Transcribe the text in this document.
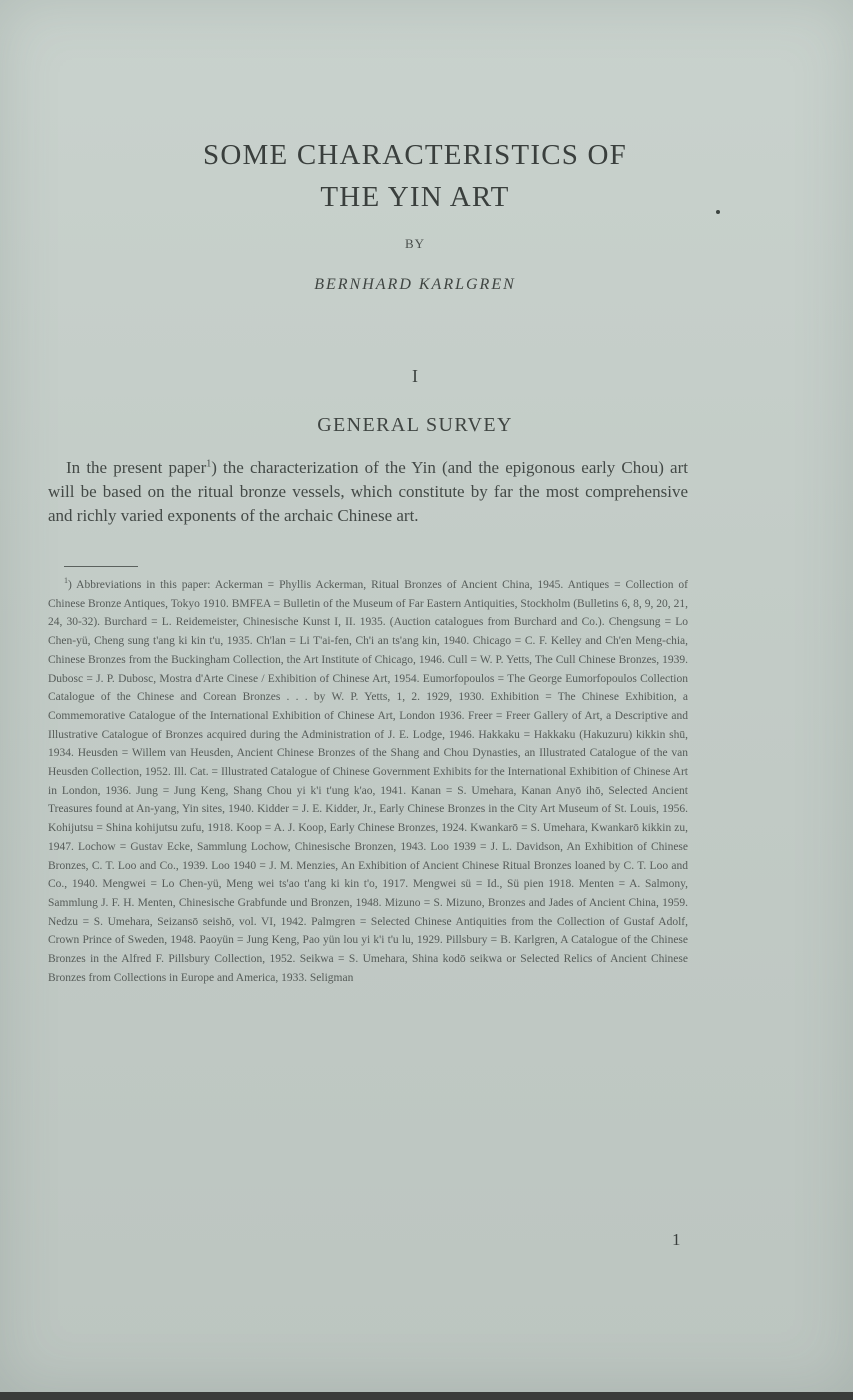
SOME CHARACTERISTICS OF
THE YIN ART
BY
BERNHARD KARLGREN
I
GENERAL SURVEY

In the present paper$^1$) the characterization of the Yin (and the epigonous early Chou) art will be based on the ritual bronze vessels, which constitute by far the most comprehensive and richly varied exponents of the archaic Chinese art.

$^1$) Abbreviations in this paper: Ackerman = Phyllis Ackerman, Ritual Bronzes of Ancient China, 1945. Antiques = Collection of Chinese Bronze Antiques, Tokyo 1910. BMFEA = Bulletin of the Museum of Far Eastern Antiquities, Stockholm (Bulletins 6, 8, 9, 20, 21, 24, 30-32). Burchard = L. Reidemeister, Chinesische Kunst I, II. 1935. (Auction catalogues from Burchard and Co.). Chengsung = Lo Chen-yü, Cheng sung t'ang ki kin t'u, 1935. Ch'lan = Li T'ai-fen, Ch'i an ts'ang kin, 1940. Chicago = C. F. Kelley and Ch'en Meng-chia, Chinese Bronzes from the Buckingham Collection, the Art Institute of Chicago, 1946. Cull = W. P. Yetts, The Cull Chinese Bronzes, 1939. Dubosc = J. P. Dubosc, Mostra d'Arte Cinese / Exhibition of Chinese Art, 1954. Eumorfopoulos = The George Eumorfopoulos Collection Catalogue of the Chinese and Corean Bronzes . . . by W. P. Yetts, 1, 2. 1929, 1930. Exhibition = The Chinese Exhibition, a Commemorative Catalogue of the International Exhibition of Chinese Art, London 1936. Freer = Freer Gallery of Art, a Descriptive and Illustrative Catalogue of Bronzes acquired during the Administration of J. E. Lodge, 1946. Hakkaku = Hakkaku (Hakuzuru) kikkin shū, 1934. Heusden = Willem van Heusden, Ancient Chinese Bronzes of the Shang and Chou Dynasties, an Illustrated Catalogue of the van Heusden Collection, 1952. Ill. Cat. = Illustrated Catalogue of Chinese Government Exhibits for the International Exhibition of Chinese Art in London, 1936. Jung = Jung Keng, Shang Chou yi k'i t'ung k'ao, 1941. Kanan = S. Umehara, Kanan Anyō ihō, Selected Ancient Treasures found at An-yang, Yin sites, 1940. Kidder = J. E. Kidder, Jr., Early Chinese Bronzes in the City Art Museum of St. Louis, 1956. Kohijutsu = Shina kohijutsu zufu, 1918. Koop = A. J. Koop, Early Chinese Bronzes, 1924. Kwankarō = S. Umehara, Kwankarō kikkin zu, 1947. Lochow = Gustav Ecke, Sammlung Lochow, Chinesische Bronzen, 1943. Loo 1939 = J. L. Davidson, An Exhibition of Chinese Bronzes, C. T. Loo and Co., 1939. Loo 1940 = J. M. Menzies, An Exhibition of Ancient Chinese Ritual Bronzes loaned by C. T. Loo and Co., 1940. Mengwei = Lo Chen-yü, Meng wei ts'ao t'ang ki kin t'o, 1917. Mengwei sü = Id., Sü pien 1918. Menten = A. Salmony, Sammlung J. F. H. Menten, Chinesische Grabfunde und Bronzen, 1948. Mizuno = S. Mizuno, Bronzes and Jades of Ancient China, 1959. Nedzu = S. Umehara, Seizansō seishō, vol. VI, 1942. Palmgren = Selected Chinese Antiquities from the Collection of Gustaf Adolf, Crown Prince of Sweden, 1948. Paoyün = Jung Keng, Pao yün lou yi k'i t'u lu, 1929. Pillsbury = B. Karlgren, A Catalogue of the Chinese Bronzes in the Alfred F. Pillsbury Collection, 1952. Seikwa = S. Umehara, Shina kodō seikwa or Selected Relics of Ancient Chinese Bronzes from Collections in Europe and America, 1933. Seligman

1
